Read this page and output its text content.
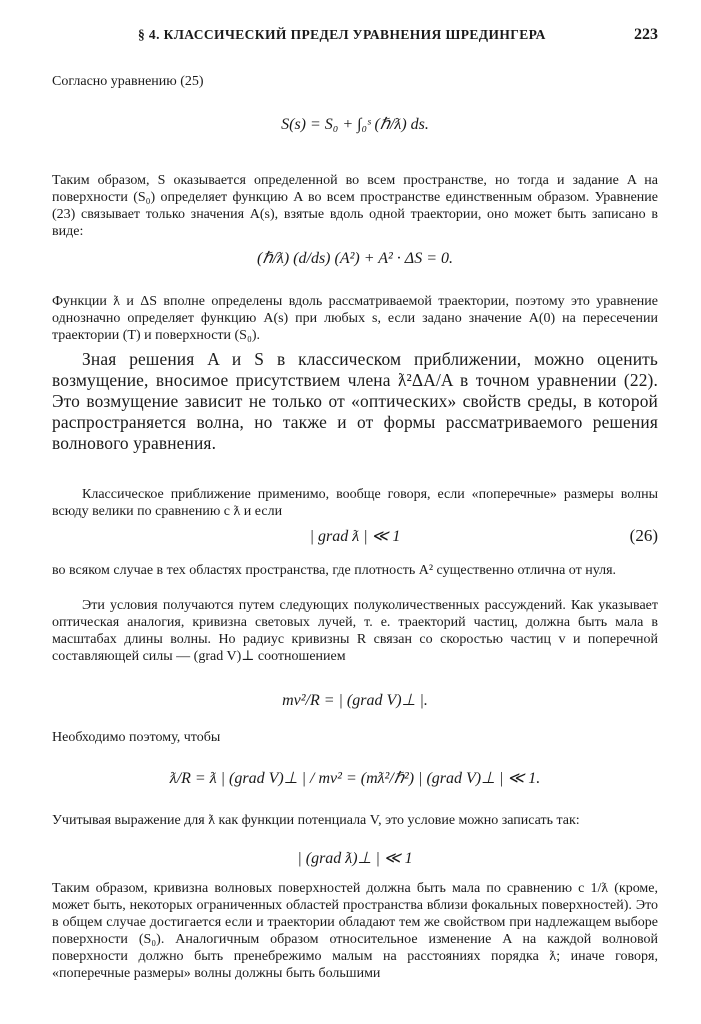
§ 4. КЛАССИЧЕСКИЙ ПРЕДЕЛ УРАВНЕНИЯ ШРЕДИНГЕРА	223
Согласно уравнению (25)
S(s) = S₀ + ∫₀ˢ (ℏ/ƛ) ds.
Таким образом, S оказывается определенной во всем пространстве, но тогда и задание A на поверхности (S₀) определяет функцию A во всем пространстве единственным образом. Уравнение (23) связывает только значения A(s), взятые вдоль одной траектории, оно может быть записано в виде:
(ℏ/ƛ) (d/ds) (A²) + A² · ΔS = 0.
Функции ƛ и ΔS вполне определены вдоль рассматриваемой траектории, поэтому это уравнение однозначно определяет функцию A(s) при любых s, если задано значение A(0) на пересечении траектории (T) и поверхности (S₀).
Зная решения A и S в классическом приближении, можно оценить возмущение, вносимое присутствием члена ƛ²ΔA/A в точном уравнении (22). Это возмущение зависит не только от «оптических» свойств среды, в которой распространяется волна, но также и от формы рассматриваемого решения волнового уравнения.
Классическое приближение применимо, вообще говоря, если «поперечные» размеры волны всюду велики по сравнению с ƛ и если
| grad ƛ | ≪ 1	(26)
во всяком случае в тех областях пространства, где плотность A² существенно отлична от нуля.
Эти условия получаются путем следующих полуколичественных рассуждений. Как указывает оптическая аналогия, кривизна световых лучей, т. е. траекторий частиц, должна быть мала в масштабах длины волны. Но радиус кривизны R связан со скоростью частиц v и поперечной составляющей силы — (grad V)⊥ соотношением
mv²/R = | (grad V)⊥ |.
Необходимо поэтому, чтобы
ƛ/R = ƛ | (grad V)⊥ | / mv² = (mƛ²/ℏ²) | (grad V)⊥ | ≪ 1.
Учитывая выражение для ƛ как функции потенциала V, это условие можно записать так:
| (grad ƛ)⊥ | ≪ 1
Таким образом, кривизна волновых поверхностей должна быть мала по сравнению с 1/ƛ (кроме, может быть, некоторых ограниченных областей пространства вблизи фокальных поверхностей). Это в общем случае достигается если и траектории обладают тем же свойством при надлежащем выборе поверхности (S₀). Аналогичным образом относительное изменение A на каждой волновой поверхности должно быть пренебрежимо малым на расстояниях порядка ƛ; иначе говоря, «поперечные размеры» волны должны быть большими
